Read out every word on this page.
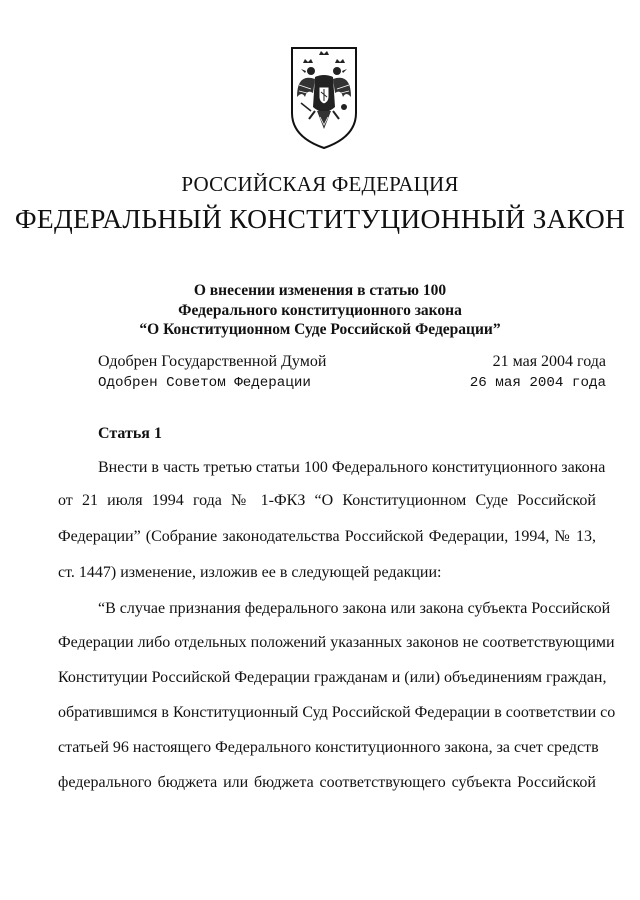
РОССИЙСКАЯ ФЕДЕРАЦИЯ
ФЕДЕРАЛЬНЫЙ КОНСТИТУЦИОННЫЙ ЗАКОН
О внесении изменения в статью 100
Федерального конституционного закона
“О Конституционном Суде Российской Федерации”
Одобрен Государственной Думой	21 мая 2004 года
Одобрен Советом Федерации	26 мая 2004 года
Статья 1
Внести в часть третью статьи 100 Федерального конституционного закона
от 21 июля 1994 года № 1-ФКЗ “О Конституционном Суде Российской
Федерации” (Собрание законодательства Российской Федерации, 1994, № 13,
ст. 1447) изменение, изложив ее в следующей редакции:
“В случае признания федерального закона или закона субъекта Российской
Федерации либо отдельных положений указанных законов не соответствующими
Конституции Российской Федерации гражданам и (или) объединениям граждан,
обратившимся в Конституционный Суд Российской Федерации в соответствии со
статьей 96 настоящего Федерального конституционного закона, за счет средств
федерального бюджета или бюджета соответствующего субъекта Российской
